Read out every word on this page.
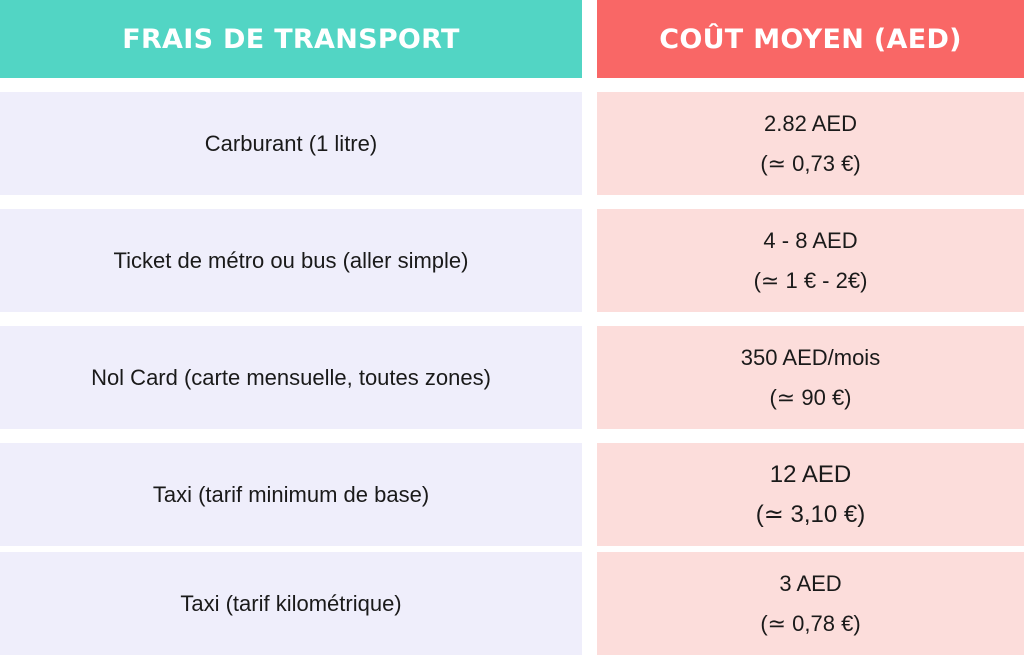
FRAIS DE TRANSPORT	COÛT MOYEN (AED)
Carburant (1 litre)
2.82 AED
(≃ 0,73 €)
Ticket de métro ou bus (aller simple)
4 - 8 AED
(≃ 1 € - 2€)
Nol Card (carte mensuelle, toutes zones)
350 AED/mois
(≃ 90 €)
Taxi (tarif minimum de base)
12 AED
(≃ 3,10 €)
Taxi (tarif kilométrique)
3 AED
(≃ 0,78 €)
